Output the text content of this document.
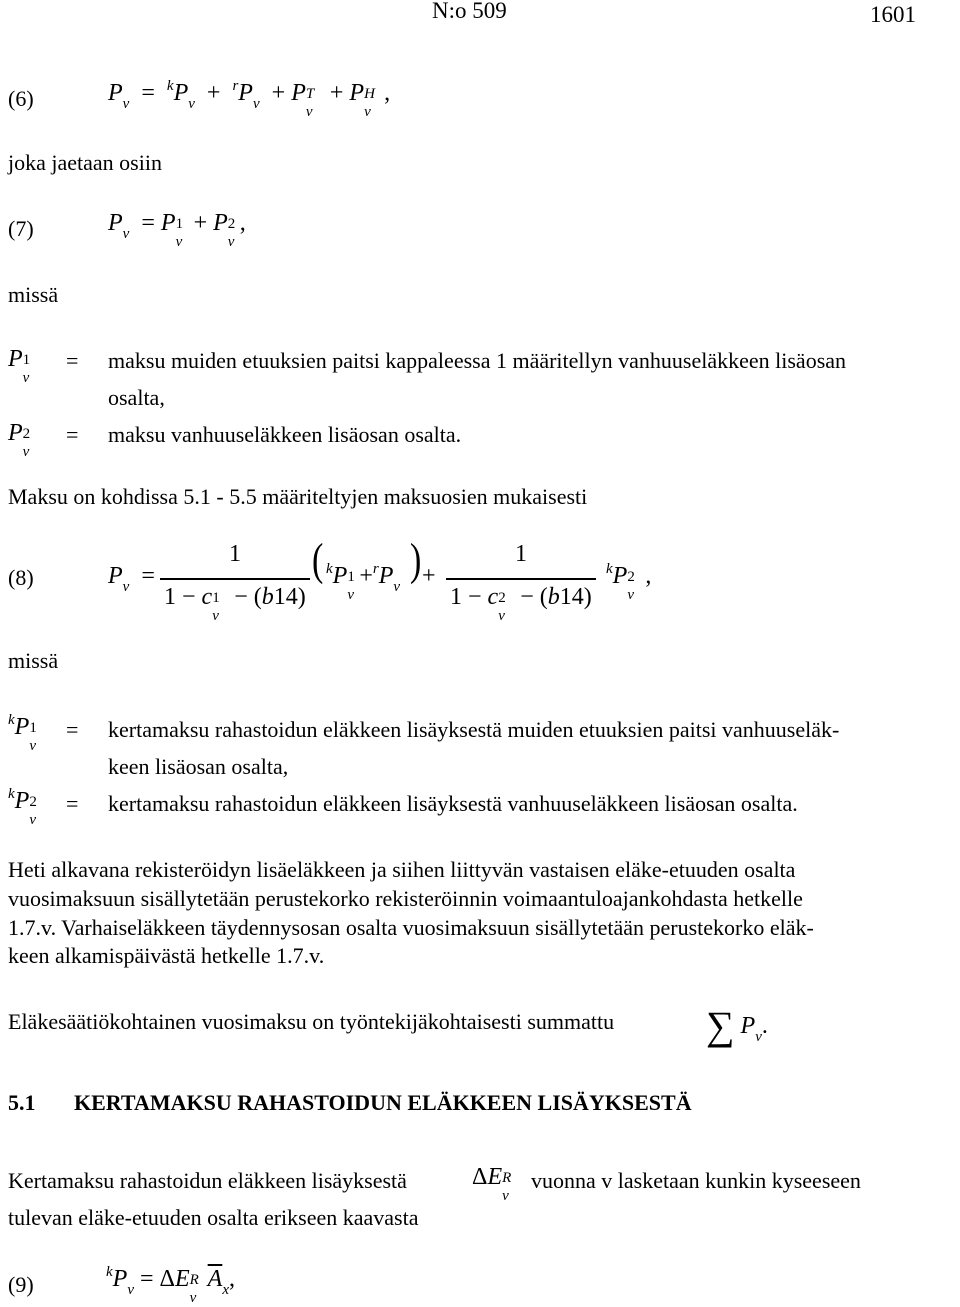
N:o 509	1601
(6)	$P_v = ^kP_v + ^rP_v + P$ T
v
+ P H
v
,
joka jaetaan osiin
(7)	$P_v = P$ 1
v
+ P 2
v
,
missä
P 1
v
= maksu muiden etuuksien paitsi kappaleessa 1 määritellyn vanhuuseläkkeen lisäosan
osalta,
P 2
v
= maksu vanhuuseläkkeen lisäosan osalta.
Maksu on kohdissa 5.1 - 5.5 määriteltyjen maksuosien mukaisesti
(8)	$P_v$  =
1
1 − c 1
v
− (b14)
( $^k$P 1
v
$+^rP_v$
) +
1
1 − c 2
v
− (b14)
$^k$P 2
v
,
missä
$^k$P 1
v
= kertamaksu rahastoidun eläkkeen lisäyksestä muiden etuuksien paitsi vanhuuseläk-
keen lisäosan osalta,
$^k$P 2
v
= kertamaksu rahastoidun eläkkeen lisäyksestä vanhuuseläkkeen lisäosan osalta.
Heti alkavana rekisteröidyn lisäeläkkeen ja siihen liittyvän vastaisen eläke-etuuden osalta
vuosimaksuun sisällytetään perustekorko rekisteröinnin voimaantuloajankohdasta hetkelle
1.7.v. Varhaiseläkkeen täydennysosan osalta vuosimaksuun sisällytetään perustekorko eläk-
keen alkamispäivästä hetkelle 1.7.v.
Eläkesäätiökohtainen vuosimaksu on työntekijäkohtaisesti summattu ∑ $P_v$.
5.1 KERTAMAKSU RAHASTOIDUN ELÄKKEEN LISÄYKSESTÄ
Kertamaksu rahastoidun eläkkeen lisäyksestä	ΔE R
v
vuonna v lasketaan kunkin kyseeseen
tulevan eläke-etuuden osalta erikseen kaavasta
(9)	$^kP_v = \Delta E$ R
v
$\overline{A}_x$,
